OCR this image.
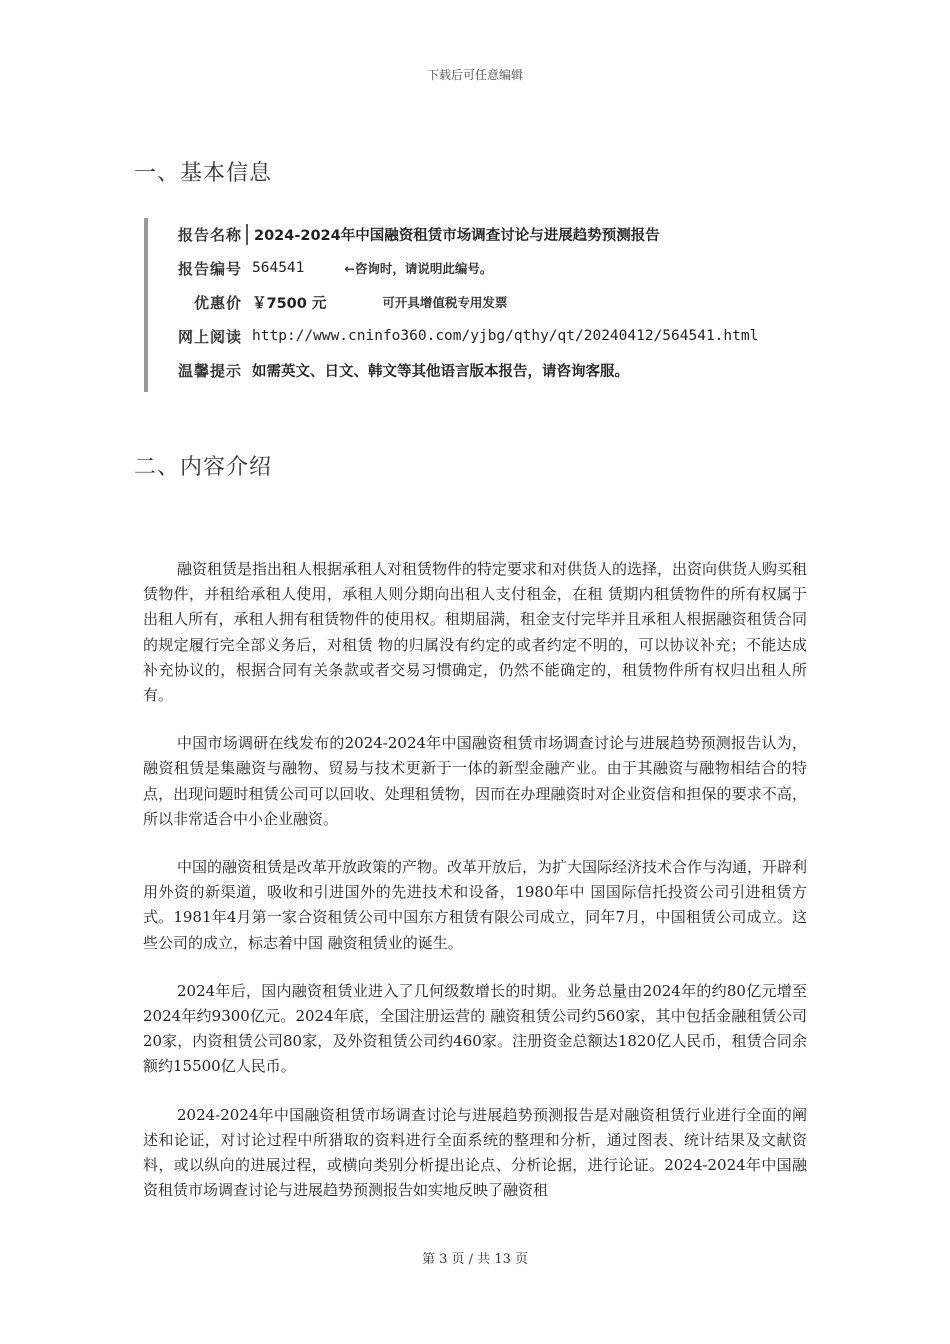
下载后可任意编辑
一、基本信息
报告名称 2024-2024年中国融资租赁市场调查讨论与进展趋势预测报告
报告编号 564541	←咨询时，请说明此编号。
优惠价 ￥7500 元	可开具增值税专用发票
网上阅读 http://www.cninfo360.com/yjbg/qthy/qt/20240412/564541.html
温馨提示 如需英文、日文、韩文等其他语言版本报告，请咨询客服。
二、内容介绍

融资租赁是指出租人根据承租人对租赁物件的特定要求和对供货人的选择，出资向供货人购买租赁物件，并租给承租人使用，承租人则分期向出租人支付租金，在租 赁期内租赁物件的所有权属于出租人所有，承租人拥有租赁物件的使用权。租期届满，租金支付完毕并且承租人根据融资租赁合同的规定履行完全部义务后，对租赁 物的归属没有约定的或者约定不明的，可以协议补充；不能达成补充协议的，根据合同有关条款或者交易习惯确定，仍然不能确定的，租赁物件所有权归出租人所 有。

中国市场调研在线发布的2024-2024年中国融资租赁市场调查讨论与进展趋势预测报告认为，融资租赁是集融资与融物、贸易与技术更新于一体的新型金融产业。由于其融资与融物相结合的特点，出现问题时租赁公司可以回收、处理租赁物，因而在办理融资时对企业资信和担保的要求不高，所以非常适合中小企业融资。

中国的融资租赁是改革开放政策的产物。改革开放后，为扩大国际经济技术合作与沟通，开辟利用外资的新渠道，吸收和引进国外的先进技术和设备，1980年中 国国际信托投资公司引进租赁方式。1981年4月第一家合资租赁公司中国东方租赁有限公司成立，同年7月，中国租赁公司成立。这些公司的成立，标志着中国 融资租赁业的诞生。

2024年后，国内融资租赁业进入了几何级数增长的时期。业务总量由2024年的约80亿元增至2024年约9300亿元。2024年底，全国注册运营的 融资租赁公司约560家，其中包括金融租赁公司20家，内资租赁公司80家，及外资租赁公司约460家。注册资金总额达1820亿人民币，租赁合同余额约15500亿人民币。

2024-2024年中国融资租赁市场调查讨论与进展趋势预测报告是对融资租赁行业进行全面的阐述和论证，对讨论过程中所猎取的资料进行全面系统的整理和分析，通过图表、统计结果及文献资料，或以纵向的进展过程，或横向类别分析提出论点、分析论据，进行论证。2024-2024年中国融资租赁市场调查讨论与进展趋势预测报告如实地反映了融资租

第 3 页 / 共 13 页
